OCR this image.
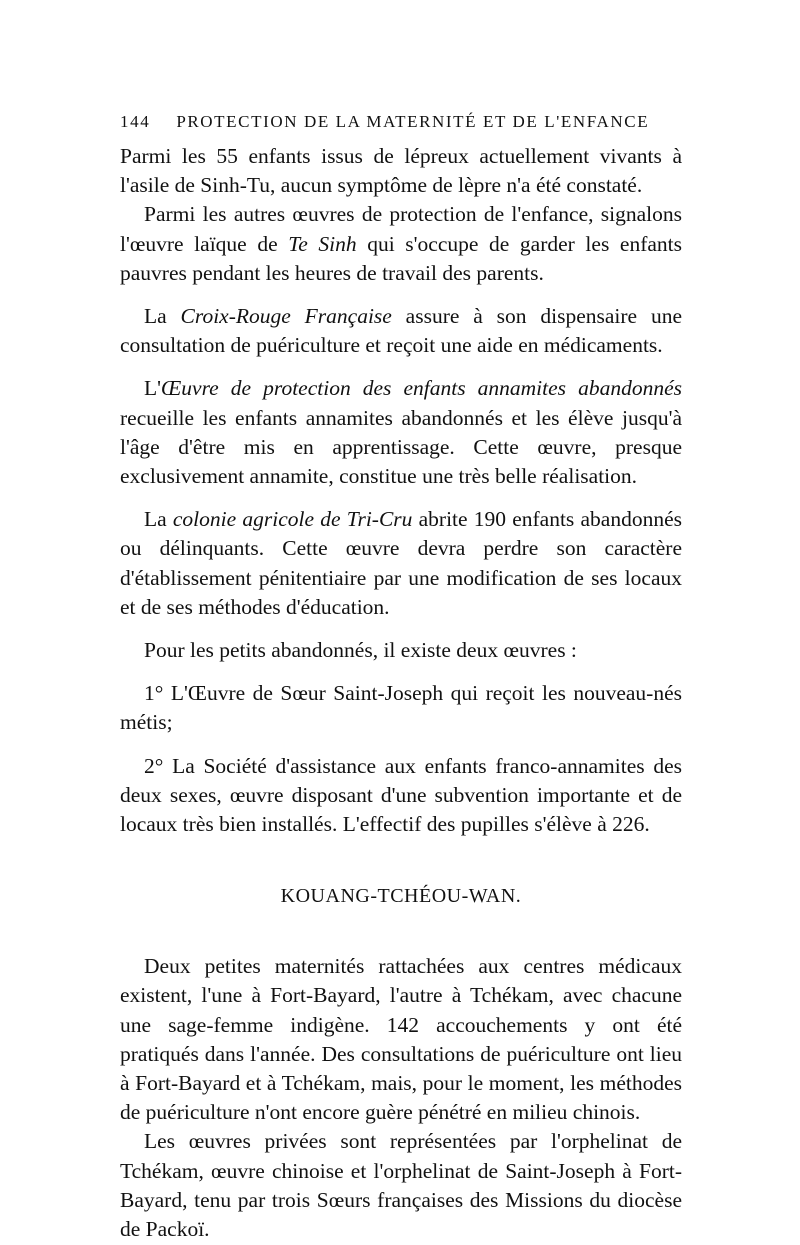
144 PROTECTION DE LA MATERNITÉ ET DE L'ENFANCE

Parmi les 55 enfants issus de lépreux actuellement vivants à l'asile de Sinh-Tu, aucun symptôme de lèpre n'a été constaté.

Parmi les autres œuvres de protection de l'enfance, signalons l'œuvre laïque de Te Sinh qui s'occupe de garder les enfants pauvres pendant les heures de travail des parents.

La Croix-Rouge Française assure à son dispensaire une consultation de puériculture et reçoit une aide en médicaments.

L'Œuvre de protection des enfants annamites abandonnés recueille les enfants annamites abandonnés et les élève jusqu'à l'âge d'être mis en apprentissage. Cette œuvre, presque exclusivement annamite, constitue une très belle réalisation.

La colonie agricole de Tri-Cru abrite 190 enfants abandonnés ou délinquants. Cette œuvre devra perdre son caractère d'établissement pénitentiaire par une modification de ses locaux et de ses méthodes d'éducation.

Pour les petits abandonnés, il existe deux œuvres :

1° L'Œuvre de Sœur Saint-Joseph qui reçoit les nouveau-nés métis;

2° La Société d'assistance aux enfants franco-annamites des deux sexes, œuvre disposant d'une subvention importante et de locaux très bien installés. L'effectif des pupilles s'élève à 226.

KOUANG-TCHÉOU-WAN.

Deux petites maternités rattachées aux centres médicaux existent, l'une à Fort-Bayard, l'autre à Tchékam, avec chacune une sage-femme indigène. 142 accouchements y ont été pratiqués dans l'année. Des consultations de puériculture ont lieu à Fort-Bayard et à Tchékam, mais, pour le moment, les méthodes de puériculture n'ont encore guère pénétré en milieu chinois.

Les œuvres privées sont représentées par l'orphelinat de Tchékam, œuvre chinoise et l'orphelinat de Saint-Joseph à Fort-Bayard, tenu par trois Sœurs françaises des Missions du diocèse de Packoï.
